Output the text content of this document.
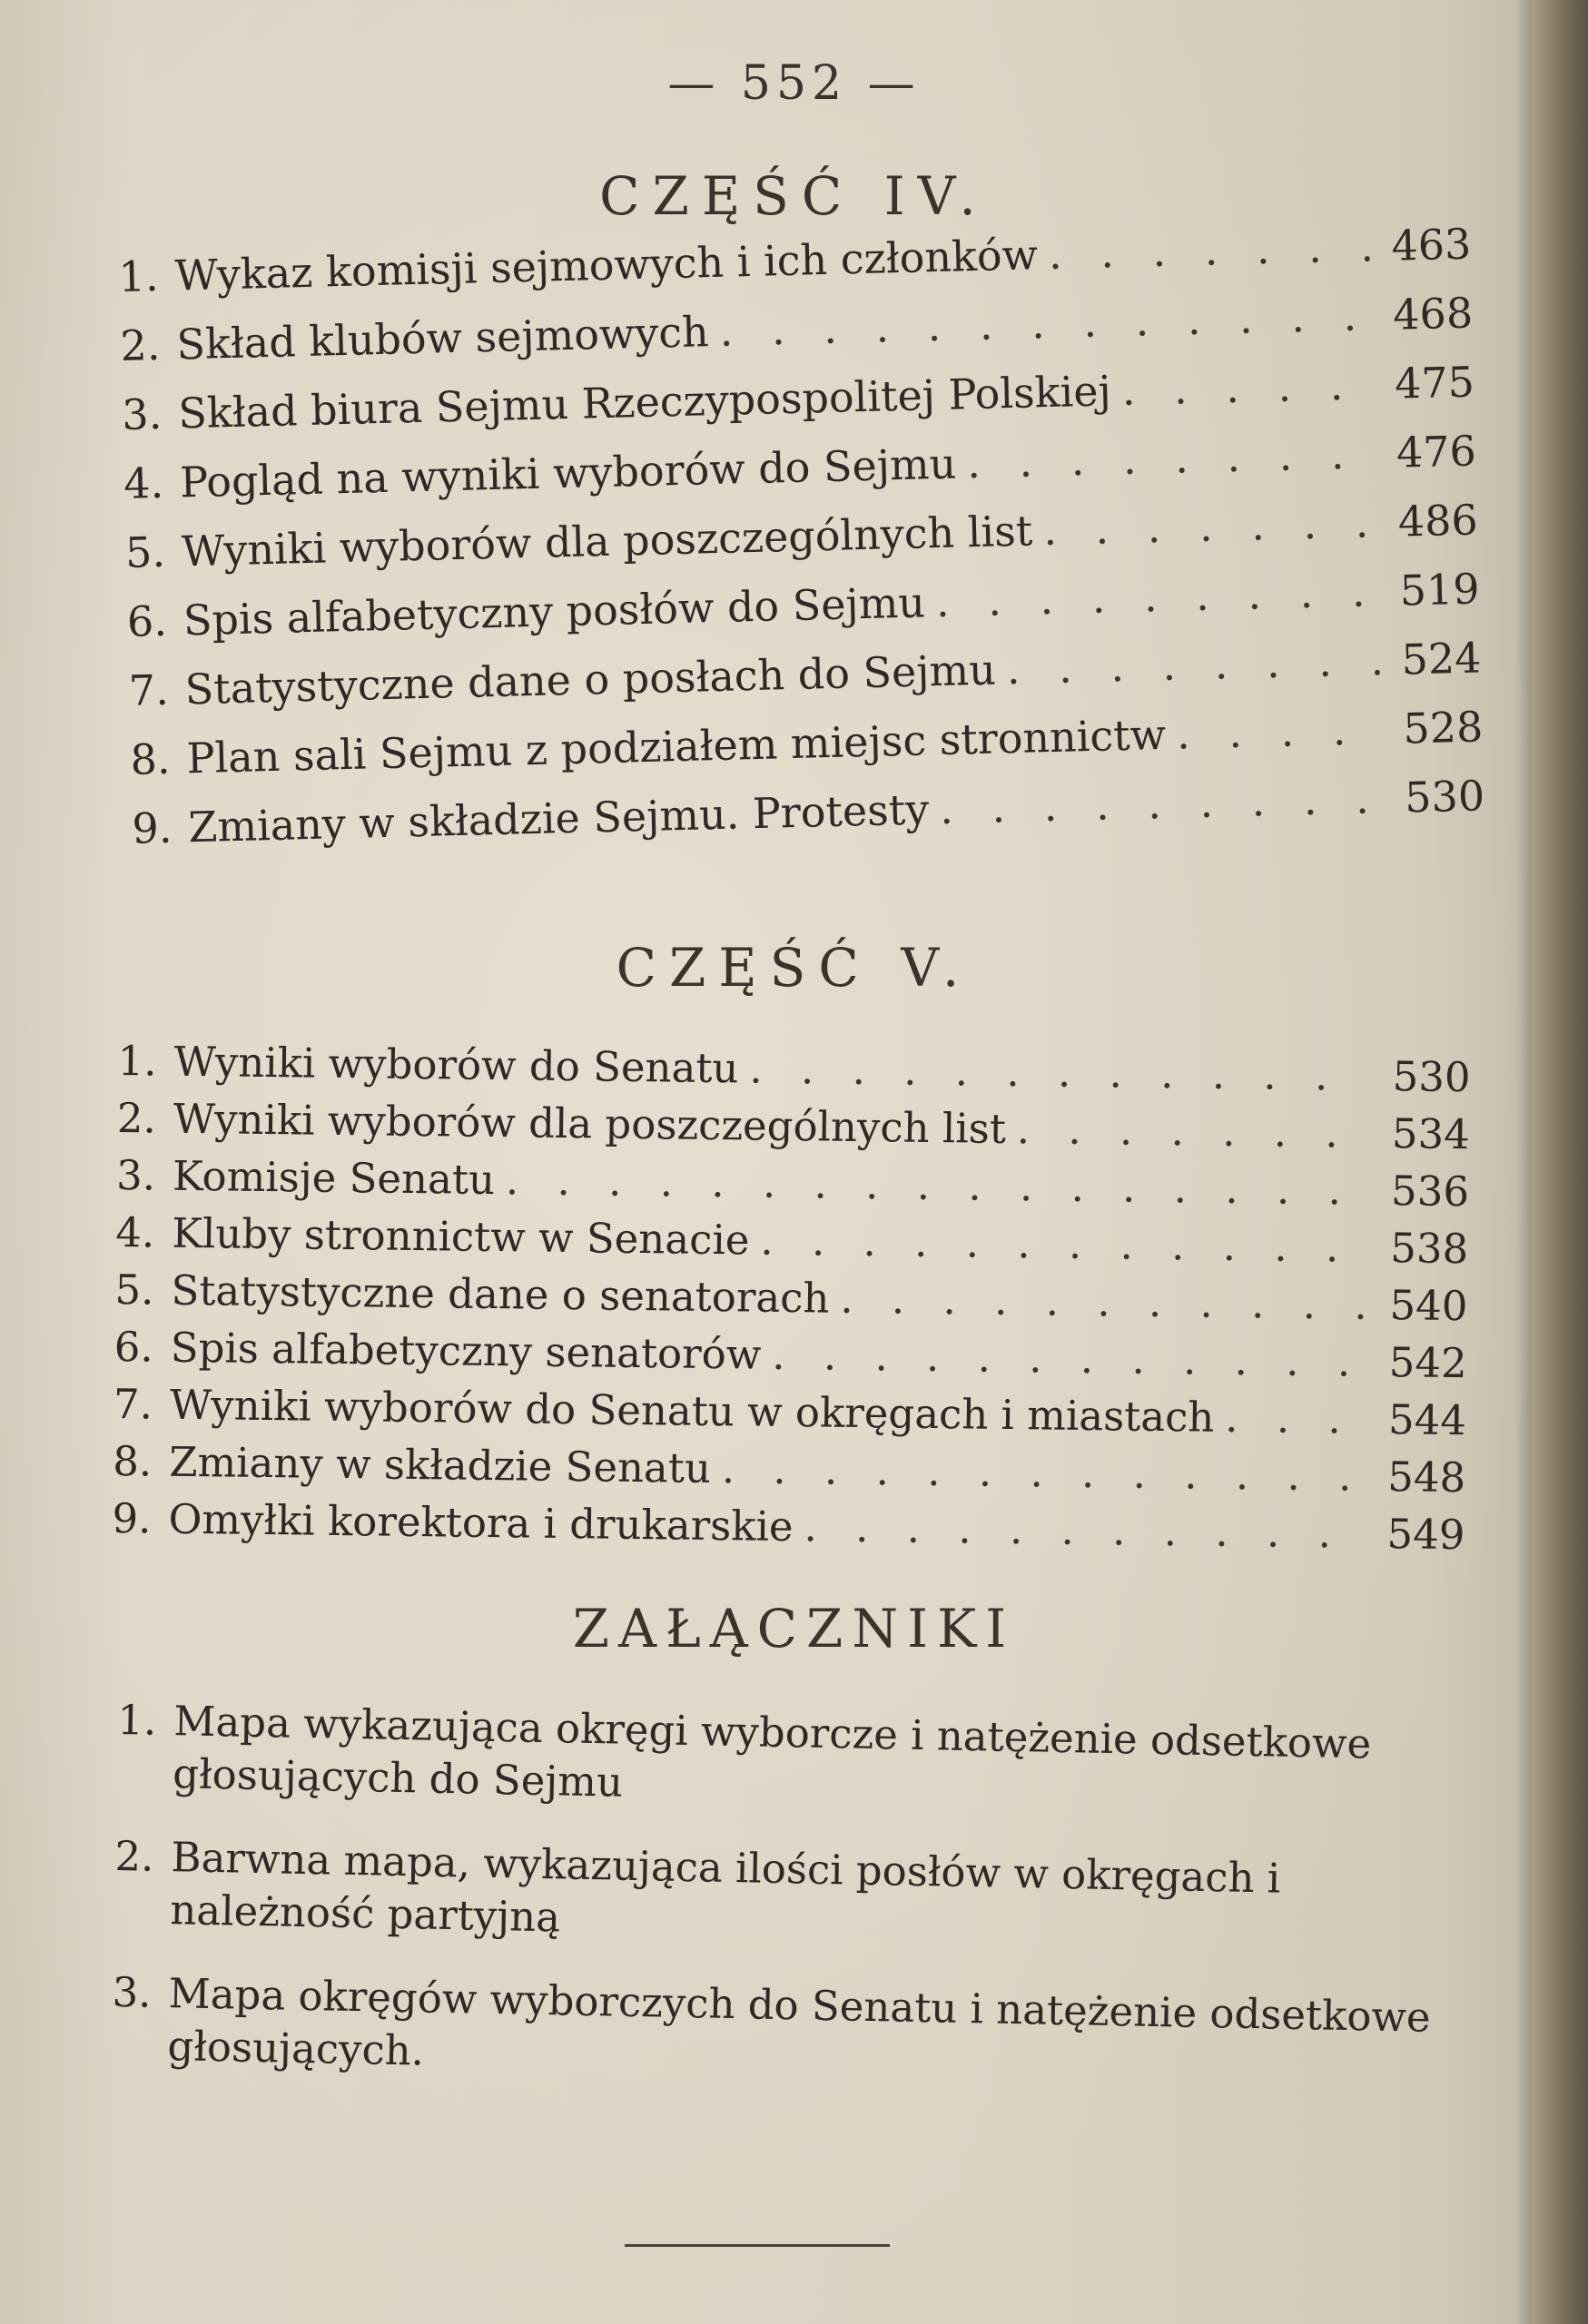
— 552 —
CZĘŚĆ IV.
1. Wykaz komisji sejmowych i ich członków . . .	463
2. Skład klubów sejmowych . . .	468
3. Skład biura Sejmu Rzeczypospolitej Polskiej . . .	475
4. Pogląd na wyniki wyborów do Sejmu . . .	476
5. Wyniki wyborów dla poszczególnych list . . .	486
6. Spis alfabetyczny posłów do Sejmu . . .	519
7. Statystyczne dane o posłach do Sejmu . . .	524
8. Plan sali Sejmu z podziałem miejsc stronnictw . . .	528
9. Zmiany w składzie Sejmu. Protesty . . .	530
CZĘŚĆ V.
1. Wyniki wyborów do Senatu . . .	530
2. Wyniki wyborów dla poszczególnych list . . .	534
3. Komisje Senatu . . .	536
4. Kluby stronnictw w Senacie . . .	538
5. Statystyczne dane o senatorach . . .	540
6. Spis alfabetyczny senatorów . . .	542
7. Wyniki wyborów do Senatu w okręgach i miastach . . .	544
8. Zmiany w składzie Senatu . . .	548
9. Omyłki korektora i drukarskie . . .	549
ZAŁĄCZNIKI
1. Mapa wykazująca okręgi wyborcze i natężenie odsetkowe głosujących do Sejmu
2. Barwna mapa, wykazująca ilości posłów w okręgach i należność partyjną
3. Mapa okręgów wyborczych do Senatu i natężenie odsetkowe głosujących.
